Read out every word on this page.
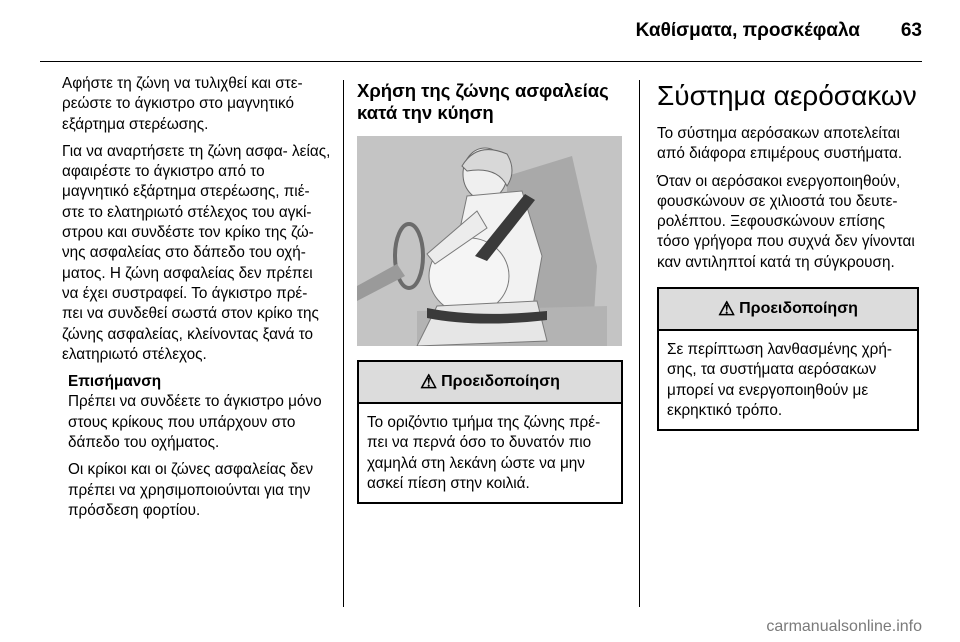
Καθίσματα, προσκέφαλα 63

Αφήστε τη ζώνη να τυλιχθεί και στε- ρεώστε το άγκιστρο στο μαγνητικό εξάρτημα στερέωσης.

Για να αναρτήσετε τη ζώνη ασφα- λείας, αφαιρέστε το άγκιστρο από το μαγνητικό εξάρτημα στερέωσης, πιέ- στε το ελατηριωτό στέλεχος του αγκί- στρου και συνδέστε τον κρίκο της ζώ- νης ασφαλείας στο δάπεδο του οχή- ματος. Η ζώνη ασφαλείας δεν πρέπει να έχει συστραφεί. Το άγκιστρο πρέ- πει να συνδεθεί σωστά στον κρίκο της ζώνης ασφαλείας, κλείνοντας ξανά το ελατηριωτό στέλεχος.

Επισήμανση

Πρέπει να συνδέετε το άγκιστρο μόνο στους κρίκους που υπάρχουν στο δάπεδο του οχήματος.

Οι κρίκοι και οι ζώνες ασφαλείας δεν πρέπει να χρησιμοποιούνται για την πρόσδεση φορτίου.

Χρήση της ζώνης ασφαλείας κατά την κύηση
⚠ Προειδοποίηση
Το οριζόντιο τμήμα της ζώνης πρέ- πει να περνά όσο το δυνατόν πιο χαμηλά στη λεκάνη ώστε να μην ασκεί πίεση στην κοιλιά.
Σύστημα αερόσακων

Το σύστημα αερόσακων αποτελείται από διάφορα επιμέρους συστήματα.

Όταν οι αερόσακοι ενεργοποιηθούν, φουσκώνουν σε χιλιοστά του δευτε- ρολέπτου. Ξεφουσκώνουν επίσης τόσο γρήγορα που συχνά δεν γίνονται καν αντιληπτοί κατά τη σύγκρουση.

⚠ Προειδοποίηση
Σε περίπτωση λανθασμένης χρή- σης, τα συστήματα αερόσακων μπορεί να ενεργοποιηθούν με εκρηκτικό τρόπο.
carmanualsonline.info
